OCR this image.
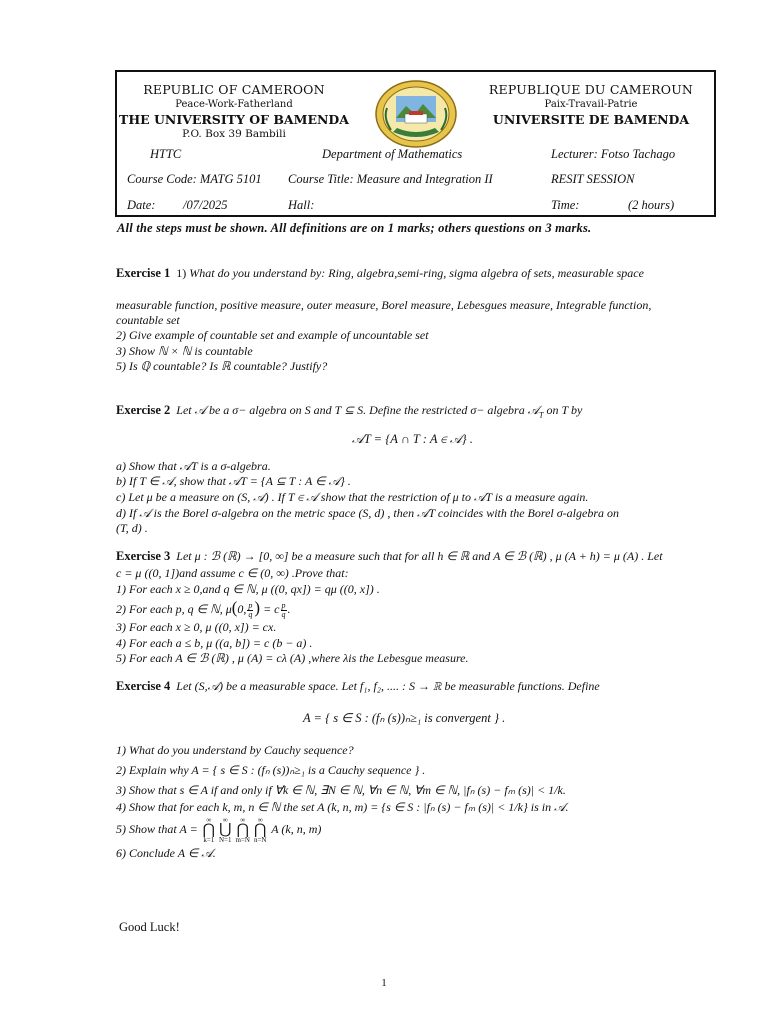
REPUBLIC OF CAMEROON
Peace-Work-Fatherland
THE UNIVERSITY OF BAMENDA
P.O. Box 39 Bambili
REPUBLIQUE DU CAMEROUN
Paix-Travail-Patrie
UNIVERSITE DE BAMENDA
HTTC	Department of Mathematics	Lecturer: Fotso Tachago
Course Code: MATG 5101 Course Title: Measure and Integration II	RESIT SESSION
Date: /07/2025	Hall:	Time:	(2 hours)
All the steps must be shown. All definitions are on 1 marks; others questions on 3 marks.
Exercise 1 1) What do you understand by: Ring, algebra,semi-ring, sigma algebra of sets, measurable space
measurable function, positive measure, outer measure, Borel measure, Lebesgues measure, Integrable function,
countable set
2) Give example of countable set and example of uncountable set
3) Show ℕ × ℕ is countable
5) Is ℚ countable? Is ℝ countable? Justify?
Exercise 2 Let 𝒜 be a σ− algebra on S and T ⊆ S. Define the restricted σ− algebra 𝒜$_T$ on T by
𝒜T = {A ∩ T : A ∈ 𝒜} .
a) Show that 𝒜T is a σ-algebra.
b) If T ∈ 𝒜, show that 𝒜T = {A ⊆ T : A ∈ 𝒜} .
c) Let μ be a measure on (S, 𝒜) . If T ∈ 𝒜 show that the restriction of μ to 𝒜T is a measure again.
d) If 𝒜 is the Borel σ-algebra on the metric space (S, d) , then 𝒜T coincides with the Borel σ-algebra on
(T, d) .
Exercise 3 Let μ : ℬ (ℝ) → [0, ∞] be a measure such that for all h ∈ ℝ and A ∈ ℬ (ℝ) , μ (A + h) = μ (A) . Let
c = μ ((0, 1])and assume c ∈ (0, ∞) .Prove that:
1) For each x ≥ 0,and q ∈ ℕ, μ ((0, qx]) = qμ ((0, x]) .
2) For each p, q ∈ ℕ, μ(0, $\frac{p}{q}$ ) = c $\frac{p}{q}$ .
3) For each x ≥ 0, μ ((0, x]) = cx.
4) For each a ≤ b, μ ((a, b]) = c (b − a) .
5) For each A ∈ ℬ (ℝ) , μ (A) = cλ (A) ,where λis the Lebesgue measure.
Exercise 4 Let (S,𝒜) be a measurable space. Let f₁, f₂, .... : S → ℝ be measurable functions. Define
A = { s ∈ S : (fₙ (s))ₙ≥₁ is convergent } .
1) What do you understand by Cauchy sequence?
2) Explain why A = { s ∈ S : (fₙ (s))ₙ≥₁ is a Cauchy sequence } .
3) Show that s ∈ A if and only if ∀k ∈ ℕ, ∃N ∈ ℕ, ∀n ∈ ℕ, ∀m ∈ ℕ, |fₙ (s) − fₘ (s)| < 1/k.
4) Show that for each k, m, n ∈ ℕ the set A (k, n, m) = {s ∈ S : |fₙ (s) − fₘ (s)| < 1/k} is in 𝒜.
5) Show that A =
∞
⋂
k=1
∞
⋃
N=1
∞
⋂
m=N
∞
⋂
n=N
A (k, n, m)
6) Conclude A ∈ 𝒜.
Good Luck!
1
